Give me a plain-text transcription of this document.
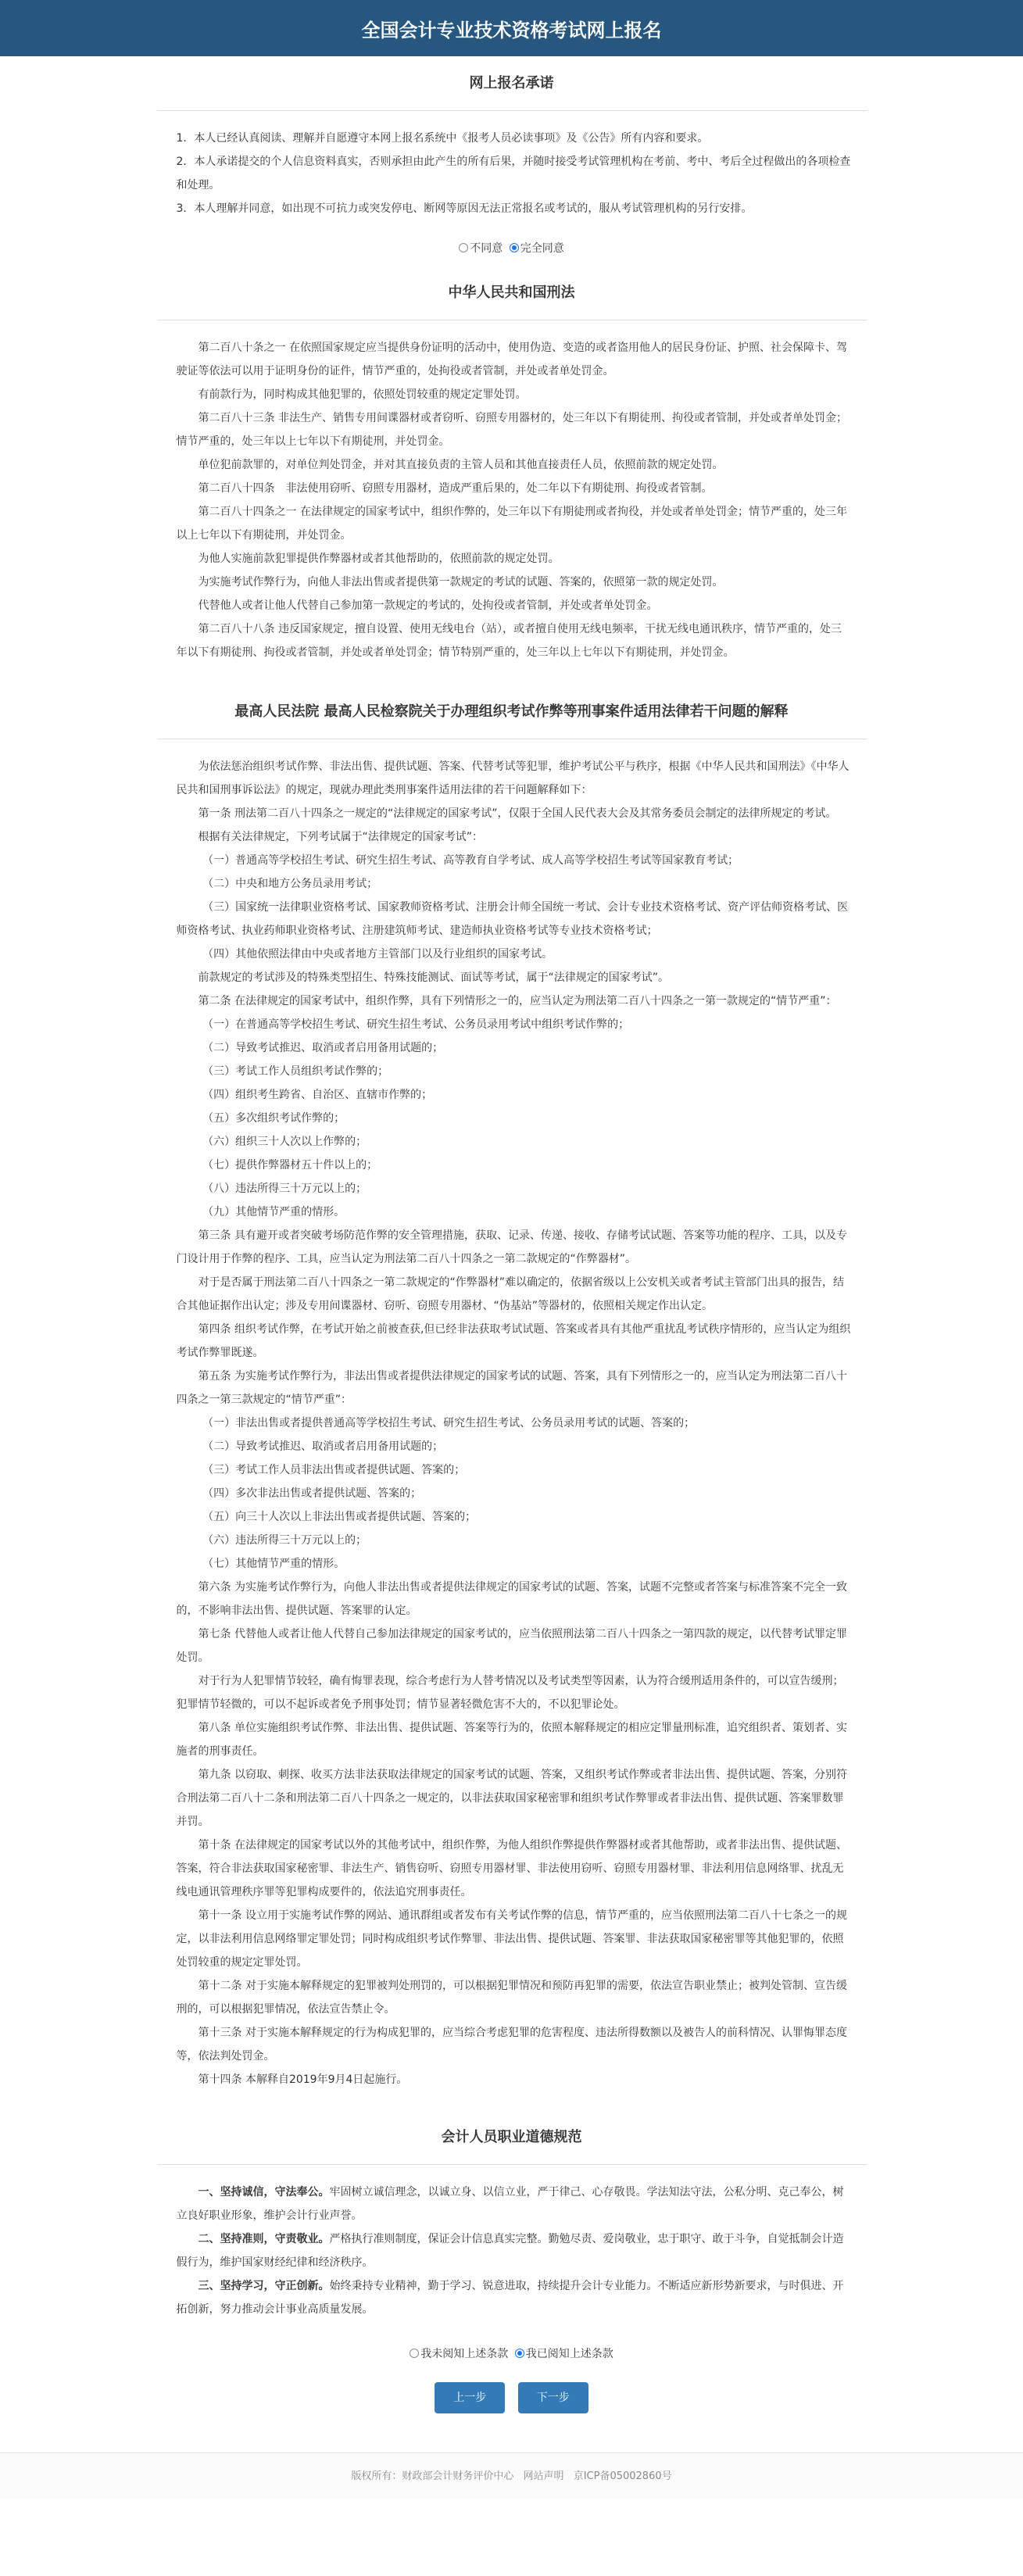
全国会计专业技术资格考试网上报名
网上报名承诺

1．本人已经认真阅读、理解并自愿遵守本网上报名系统中《报考人员必读事项》及《公告》所有内容和要求。

2．本人承诺提交的个人信息资料真实，否则承担由此产生的所有后果，并随时接受考试管理机构在考前、考中、考后全过程做出的各项检查和处理。

3．本人理解并同意，如出现不可抗力或突发停电、断网等原因无法正常报名或考试的，服从考试管理机构的另行安排。

不同意 完全同意
中华人民共和国刑法

第二百八十条之一 在依照国家规定应当提供身份证明的活动中，使用伪造、变造的或者盗用他人的居民身份证、护照、社会保障卡、驾驶证等依法可以用于证明身份的证件，情节严重的，处拘役或者管制，并处或者单处罚金。

有前款行为，同时构成其他犯罪的，依照处罚较重的规定定罪处罚。

第二百八十三条 非法生产、销售专用间谍器材或者窃听、窃照专用器材的，处三年以下有期徒刑、拘役或者管制，并处或者单处罚金；情节严重的，处三年以上七年以下有期徒刑，并处罚金。

单位犯前款罪的，对单位判处罚金，并对其直接负责的主管人员和其他直接责任人员，依照前款的规定处罚。

第二百八十四条　非法使用窃听、窃照专用器材，造成严重后果的，处二年以下有期徒刑、拘役或者管制。

第二百八十四条之一 在法律规定的国家考试中，组织作弊的，处三年以下有期徒刑或者拘役，并处或者单处罚金；情节严重的，处三年以上七年以下有期徒刑，并处罚金。

为他人实施前款犯罪提供作弊器材或者其他帮助的，依照前款的规定处罚。

为实施考试作弊行为，向他人非法出售或者提供第一款规定的考试的试题、答案的，依照第一款的规定处罚。

代替他人或者让他人代替自己参加第一款规定的考试的，处拘役或者管制，并处或者单处罚金。

第二百八十八条 违反国家规定，擅自设置、使用无线电台（站），或者擅自使用无线电频率，干扰无线电通讯秩序，情节严重的，处三年以下有期徒刑、拘役或者管制，并处或者单处罚金；情节特别严重的，处三年以上七年以下有期徒刑，并处罚金。

最高人民法院 最高人民检察院关于办理组织考试作弊等刑事案件适用法律若干问题的解释

为依法惩治组织考试作弊、非法出售、提供试题、答案、代替考试等犯罪，维护考试公平与秩序，根据《中华人民共和国刑法》《中华人民共和国刑事诉讼法》的规定，现就办理此类刑事案件适用法律的若干问题解释如下：

第一条 刑法第二百八十四条之一规定的“法律规定的国家考试”，仅限于全国人民代表大会及其常务委员会制定的法律所规定的考试。

根据有关法律规定，下列考试属于“法律规定的国家考试”：

（一）普通高等学校招生考试、研究生招生考试、高等教育自学考试、成人高等学校招生考试等国家教育考试；

（二）中央和地方公务员录用考试；

（三）国家统一法律职业资格考试、国家教师资格考试、注册会计师全国统一考试、会计专业技术资格考试、资产评估师资格考试、医师资格考试、执业药师职业资格考试、注册建筑师考试、建造师执业资格考试等专业技术资格考试；

（四）其他依照法律由中央或者地方主管部门以及行业组织的国家考试。

前款规定的考试涉及的特殊类型招生、特殊技能测试、面试等考试，属于“法律规定的国家考试”。

第二条 在法律规定的国家考试中，组织作弊，具有下列情形之一的，应当认定为刑法第二百八十四条之一第一款规定的“情节严重”：

（一）在普通高等学校招生考试、研究生招生考试、公务员录用考试中组织考试作弊的；

（二）导致考试推迟、取消或者启用备用试题的；

（三）考试工作人员组织考试作弊的；

（四）组织考生跨省、自治区、直辖市作弊的；

（五）多次组织考试作弊的；

（六）组织三十人次以上作弊的；

（七）提供作弊器材五十件以上的；

（八）违法所得三十万元以上的；

（九）其他情节严重的情形。

第三条 具有避开或者突破考场防范作弊的安全管理措施，获取、记录、传递、接收、存储考试试题、答案等功能的程序、工具，以及专门设计用于作弊的程序、工具，应当认定为刑法第二百八十四条之一第二款规定的“作弊器材”。

对于是否属于刑法第二百八十四条之一第二款规定的“作弊器材”难以确定的，依据省级以上公安机关或者考试主管部门出具的报告，结合其他证据作出认定；涉及专用间谍器材、窃听、窃照专用器材、“伪基站”等器材的，依照相关规定作出认定。

第四条 组织考试作弊，在考试开始之前被查获,但已经非法获取考试试题、答案或者具有其他严重扰乱考试秩序情形的，应当认定为组织考试作弊罪既遂。

第五条 为实施考试作弊行为，非法出售或者提供法律规定的国家考试的试题、答案，具有下列情形之一的，应当认定为刑法第二百八十四条之一第三款规定的“情节严重”：

（一）非法出售或者提供普通高等学校招生考试、研究生招生考试、公务员录用考试的试题、答案的；

（二）导致考试推迟、取消或者启用备用试题的；

（三）考试工作人员非法出售或者提供试题、答案的；

（四）多次非法出售或者提供试题、答案的；

（五）向三十人次以上非法出售或者提供试题、答案的；

（六）违法所得三十万元以上的；

（七）其他情节严重的情形。

第六条 为实施考试作弊行为，向他人非法出售或者提供法律规定的国家考试的试题、答案，试题不完整或者答案与标准答案不完全一致的，不影响非法出售、提供试题、答案罪的认定。

第七条 代替他人或者让他人代替自己参加法律规定的国家考试的，应当依照刑法第二百八十四条之一第四款的规定，以代替考试罪定罪处罚。

对于行为人犯罪情节较轻，确有悔罪表现，综合考虑行为人替考情况以及考试类型等因素，认为符合缓刑适用条件的，可以宣告缓刑；犯罪情节轻微的，可以不起诉或者免予刑事处罚；情节显著轻微危害不大的，不以犯罪论处。

第八条 单位实施组织考试作弊、非法出售、提供试题、答案等行为的，依照本解释规定的相应定罪量刑标准，追究组织者、策划者、实施者的刑事责任。

第九条 以窃取、刺探、收买方法非法获取法律规定的国家考试的试题、答案，又组织考试作弊或者非法出售、提供试题、答案，分别符合刑法第二百八十二条和刑法第二百八十四条之一规定的，以非法获取国家秘密罪和组织考试作弊罪或者非法出售、提供试题、答案罪数罪并罚。

第十条 在法律规定的国家考试以外的其他考试中，组织作弊，为他人组织作弊提供作弊器材或者其他帮助，或者非法出售、提供试题、答案，符合非法获取国家秘密罪、非法生产、销售窃听、窃照专用器材罪、非法使用窃听、窃照专用器材罪、非法利用信息网络罪、扰乱无线电通讯管理秩序罪等犯罪构成要件的，依法追究刑事责任。

第十一条 设立用于实施考试作弊的网站、通讯群组或者发布有关考试作弊的信息，情节严重的，应当依照刑法第二百八十七条之一的规定，以非法利用信息网络罪定罪处罚；同时构成组织考试作弊罪、非法出售、提供试题、答案罪、非法获取国家秘密罪等其他犯罪的，依照处罚较重的规定定罪处罚。

第十二条 对于实施本解释规定的犯罪被判处刑罚的，可以根据犯罪情况和预防再犯罪的需要，依法宣告职业禁止；被判处管制、宣告缓刑的，可以根据犯罪情况，依法宣告禁止令。

第十三条 对于实施本解释规定的行为构成犯罪的，应当综合考虑犯罪的危害程度、违法所得数额以及被告人的前科情况、认罪悔罪态度等，依法判处罚金。

第十四条 本解释自2019年9月4日起施行。

会计人员职业道德规范

一、坚持诚信，守法奉公。牢固树立诚信理念，以诚立身、以信立业，严于律己、心存敬畏。学法知法守法，公私分明、克己奉公，树立良好职业形象，维护会计行业声誉。

二、坚持准则，守责敬业。严格执行准则制度，保证会计信息真实完整。勤勉尽责、爱岗敬业，忠于职守、敢于斗争，自觉抵制会计造假行为，维护国家财经纪律和经济秩序。

三、坚持学习，守正创新。始终秉持专业精神，勤于学习、锐意进取，持续提升会计专业能力。不断适应新形势新要求，与时俱进、开拓创新，努力推动会计事业高质量发展。

我未阅知上述条款 我已阅知上述条款
上一步	下一步
版权所有：财政部会计财务评价中心 网站声明 京ICP备05002860号
